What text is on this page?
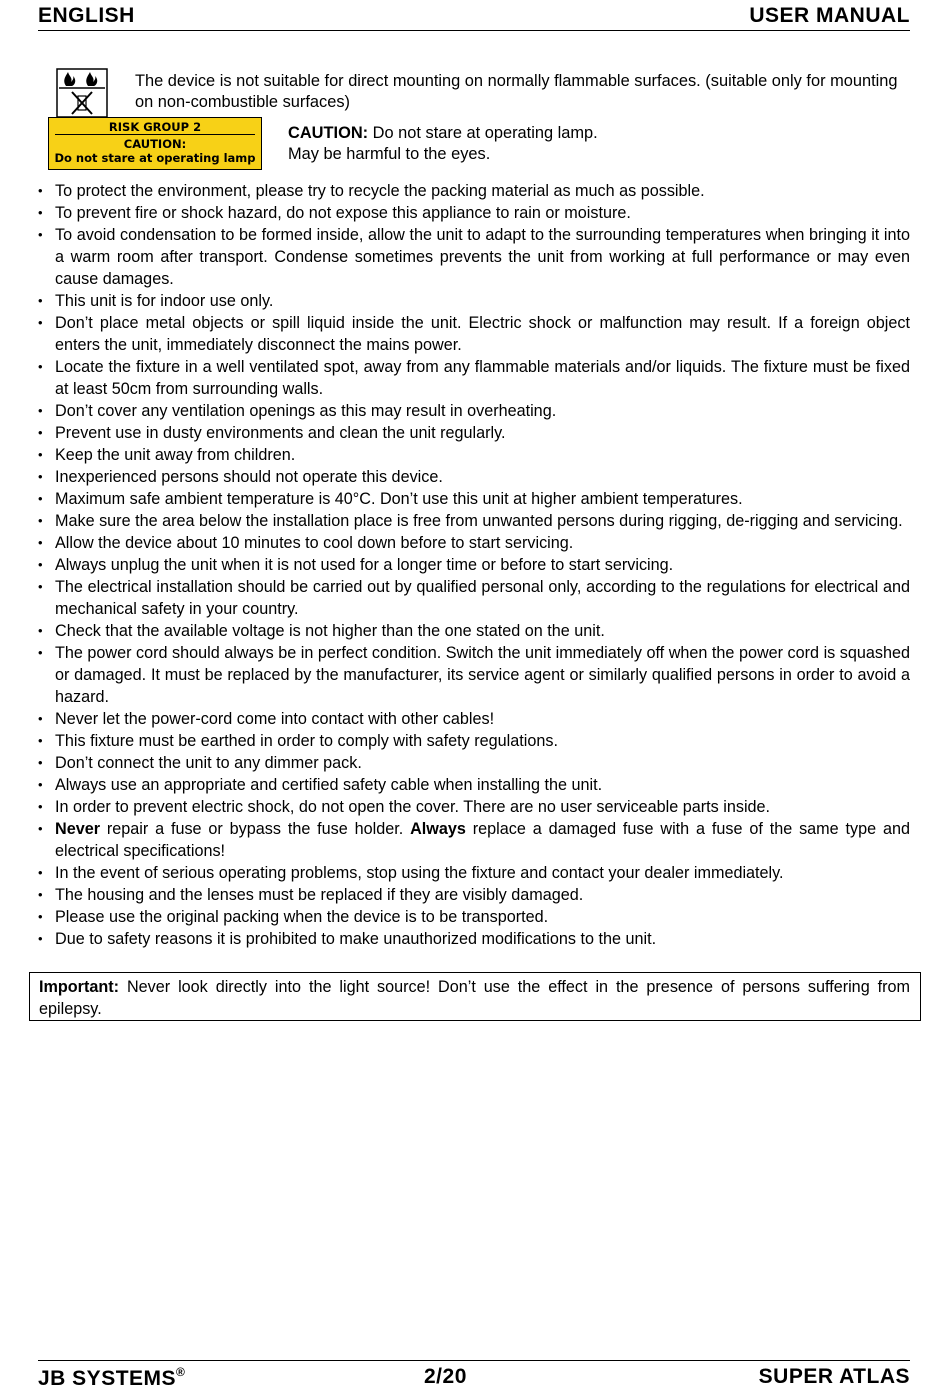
ENGLISH	USER MANUAL
The device is not suitable for direct mounting on normally flammable surfaces. (suitable only for mounting on non-combustible surfaces)
RISK GROUP 2
CAUTION:
Do not stare at operating lamp
CAUTION: Do not stare at operating lamp.
May be harmful to the eyes.
• To protect the environment, please try to recycle the packing material as much as possible.
• To prevent fire or shock hazard, do not expose this appliance to rain or moisture.
• To avoid condensation to be formed inside, allow the unit to adapt to the surrounding temperatures when bringing it into a warm room after transport. Condense sometimes prevents the unit from working at full performance or may even cause damages.
• This unit is for indoor use only.
• Don’t place metal objects or spill liquid inside the unit. Electric shock or malfunction may result. If a foreign object enters the unit, immediately disconnect the mains power.
• Locate the fixture in a well ventilated spot, away from any flammable materials and/or liquids. The fixture must be fixed at least 50cm from surrounding walls.
• Don’t cover any ventilation openings as this may result in overheating.
• Prevent use in dusty environments and clean the unit regularly.
• Keep the unit away from children.
• Inexperienced persons should not operate this device.
• Maximum safe ambient temperature is 40°C. Don’t use this unit at higher ambient temperatures.
• Make sure the area below the installation place is free from unwanted persons during rigging, de-rigging and servicing.
• Allow the device about 10 minutes to cool down before to start servicing.
• Always unplug the unit when it is not used for a longer time or before to start servicing.
• The electrical installation should be carried out by qualified personal only, according to the regulations for electrical and mechanical safety in your country.
• Check that the available voltage is not higher than the one stated on the unit.
• The power cord should always be in perfect condition. Switch the unit immediately off when the power cord is squashed or damaged. It must be replaced by the manufacturer, its service agent or similarly qualified persons in order to avoid a hazard.
• Never let the power-cord come into contact with other cables!
• This fixture must be earthed in order to comply with safety regulations.
• Don’t connect the unit to any dimmer pack.
• Always use an appropriate and certified safety cable when installing the unit.
• In order to prevent electric shock, do not open the cover. There are no user serviceable parts inside.
• Never repair a fuse or bypass the fuse holder. Always replace a damaged fuse with a fuse of the same type and electrical specifications!
• In the event of serious operating problems, stop using the fixture and contact your dealer immediately.
• The housing and the lenses must be replaced if they are visibly damaged.
• Please use the original packing when the device is to be transported.
• Due to safety reasons it is prohibited to make unauthorized modifications to the unit.
Important: Never look directly into the light source! Don’t use the effect in the presence of persons suffering from epilepsy.
JB SYSTEMS®	2/20	SUPER ATLAS
